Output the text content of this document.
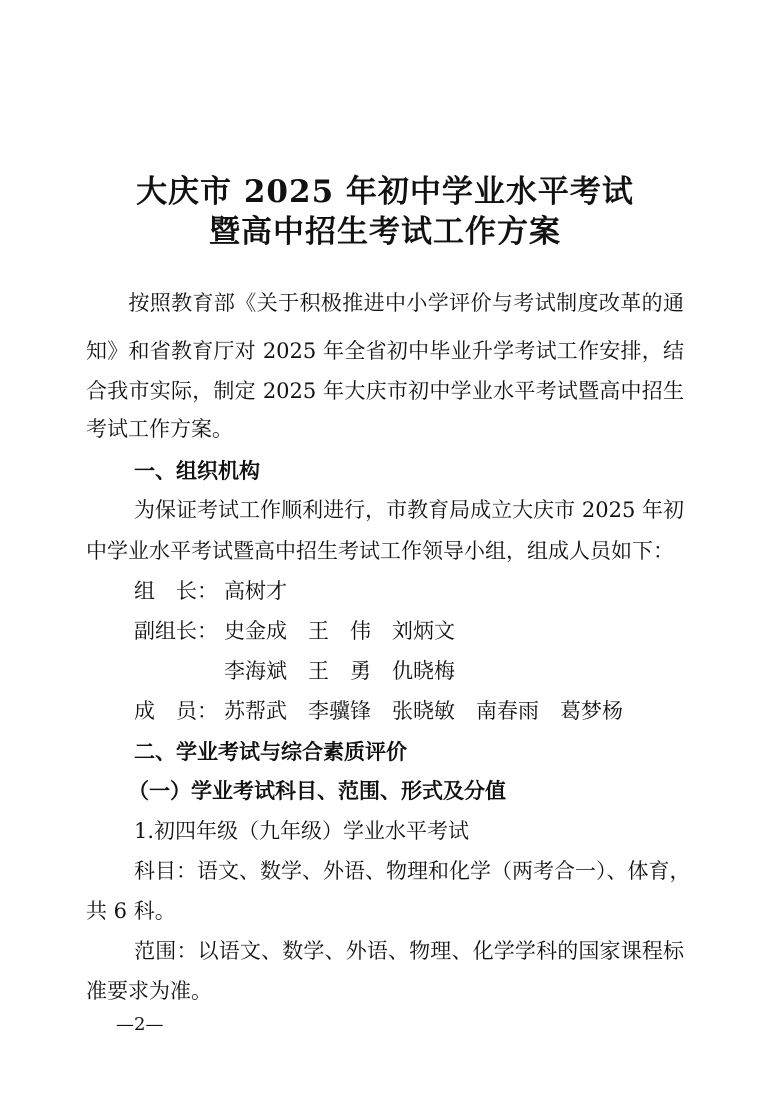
大庆市 2025 年初中学业水平考试
暨高中招生考试工作方案
按照教育部《关于积极推进中小学评价与考试制度改革的通
知》和省教育厅对 2025 年全省初中毕业升学考试工作安排，结
合我市实际，制定 2025 年大庆市初中学业水平考试暨高中招生
考试工作方案。
一、组织机构
为保证考试工作顺利进行，市教育局成立大庆市 2025 年初
中学业水平考试暨高中招生考试工作领导小组，组成人员如下：
组　长： 高树才
副组长： 史金成 王　伟 刘炳文
李海斌 王　勇 仇晓梅
成　员： 苏帮武 李骥锋 张晓敏 南春雨 葛梦杨
二、学业考试与综合素质评价
（一）学业考试科目、范围、形式及分值
1.初四年级（九年级）学业水平考试
科目：语文、数学、外语、物理和化学（两考合一）、体育，
共 6 科。
范围：以语文、数学、外语、物理、化学学科的国家课程标
准要求为准。
—2—
